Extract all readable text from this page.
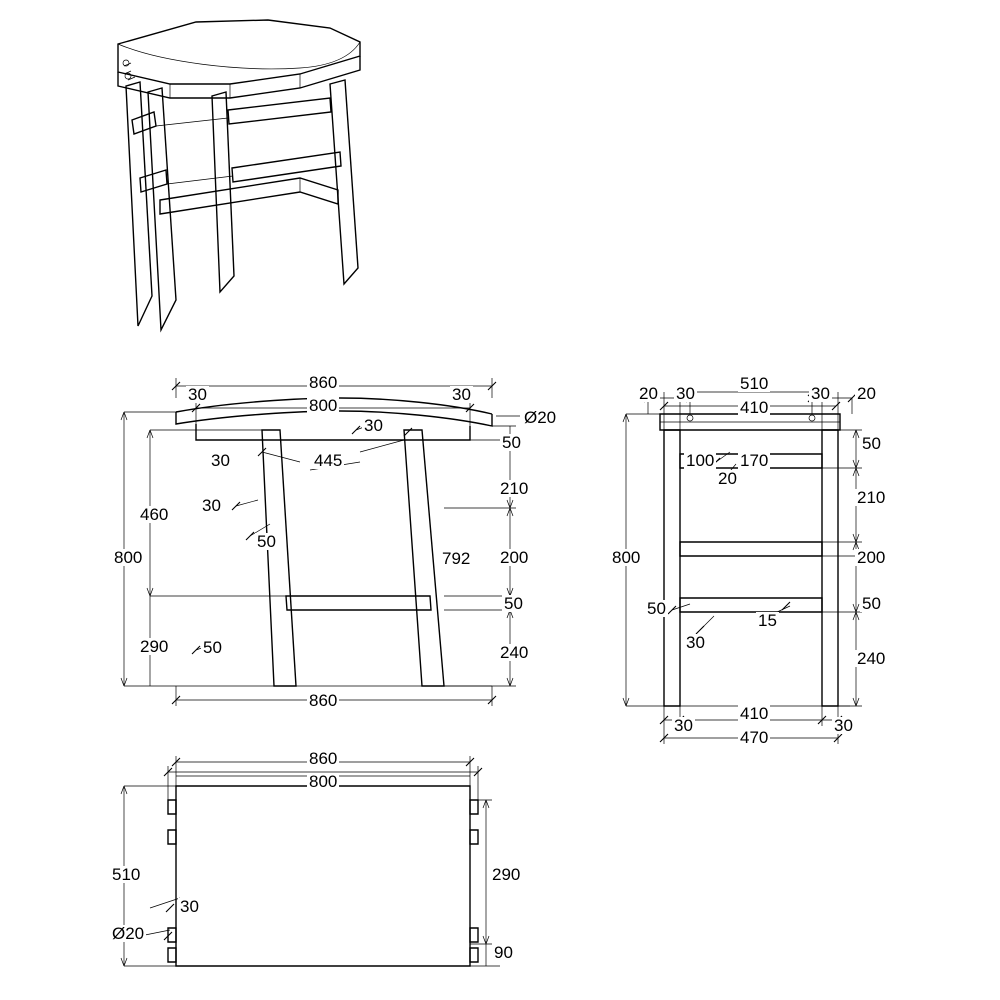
860
800
30	30
30	Ø20
50
445
30
30
50
460
800
290 50
792
210
200
50
240
860
20 30
510
410
30 20
100 170
20
50
210
800	200
50
50
30
15
240
30
410
30
470
860
800
510	290
30
Ø20
90
